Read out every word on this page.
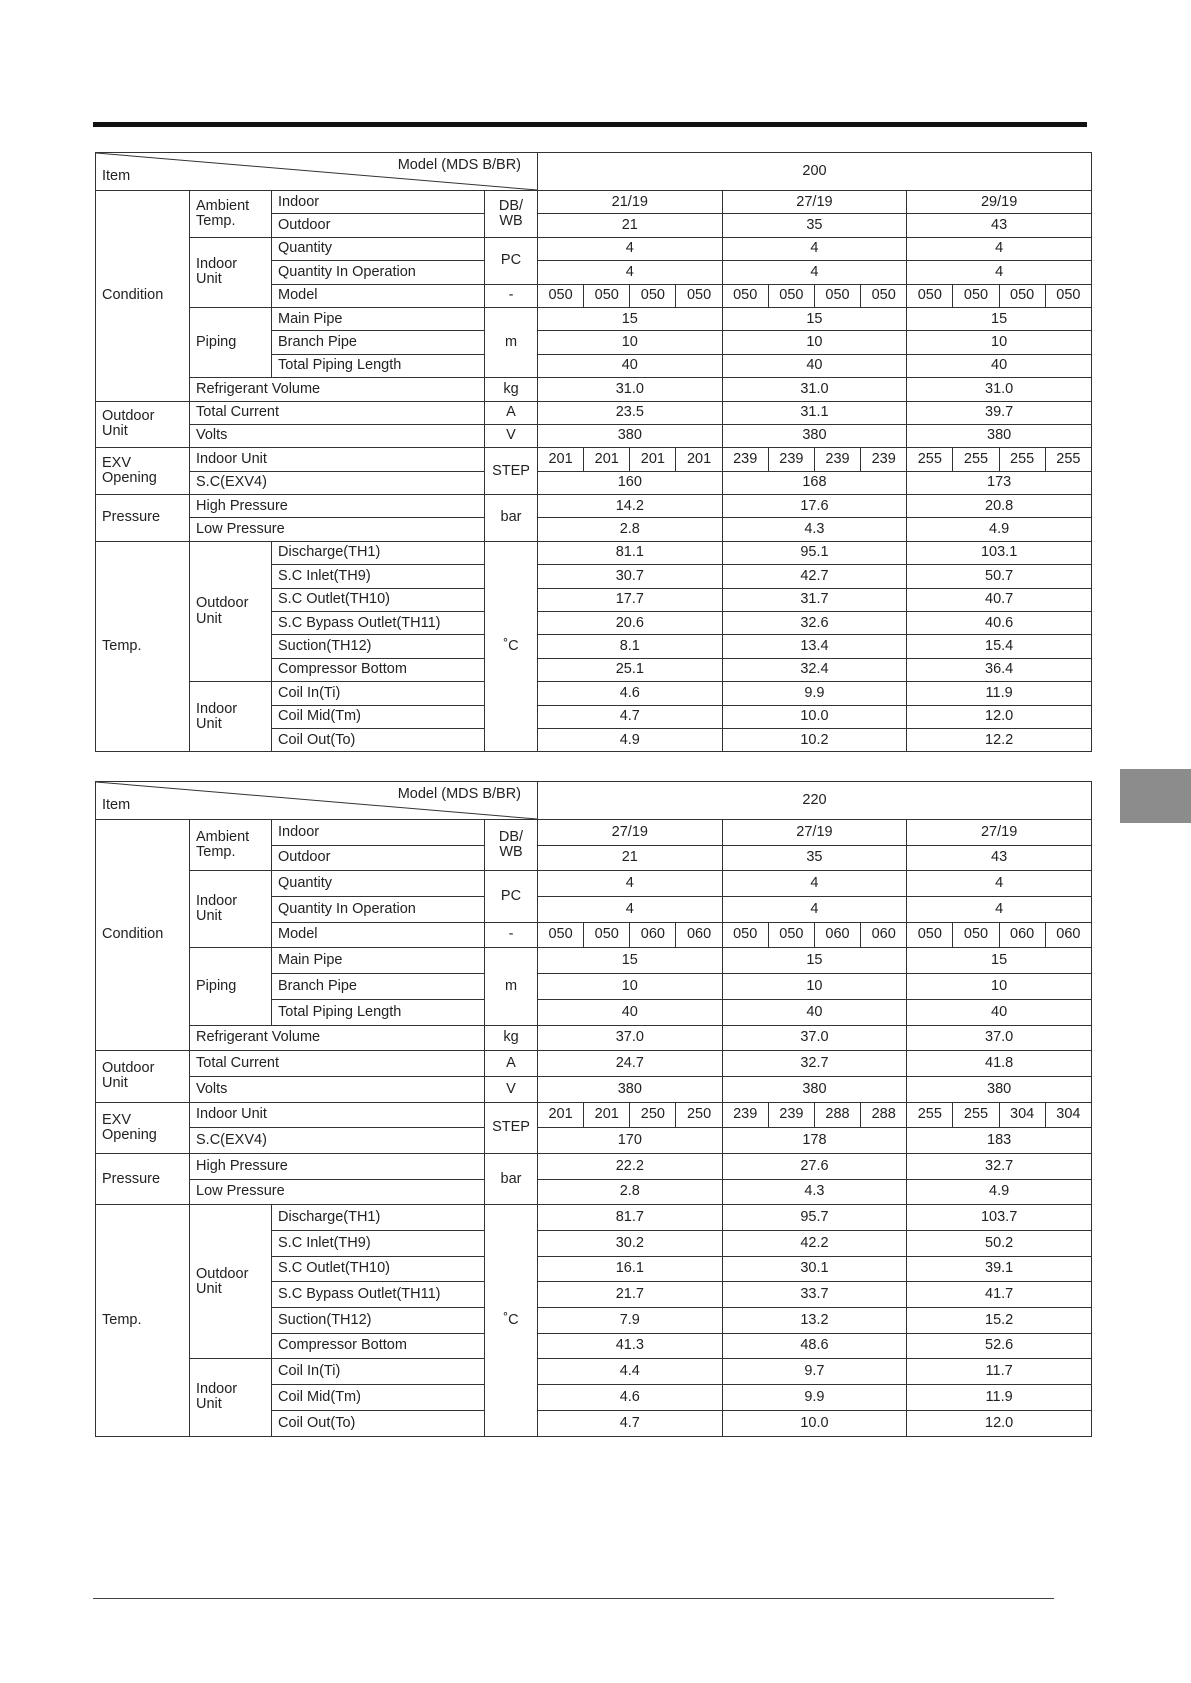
Model (MDS B/BR)
Item				200											
Condition	Ambient Temp.	Indoor	DB/ WB	21/19				27/19				29/19			
		Outdoor		21				35				43			
	Indoor Unit	Quantity	PC	4				4				4			
		Quantity In Operation		4				4				4			
		Model	-	050	050	050	050	050	050	050	050	050	050	050	050
	Piping	Main Pipe	m	15				15				15			
		Branch Pipe		10				10				10			
		Total Piping Length		40				40				40			
	Refrigerant Volume		kg	31.0				31.0				31.0			
Outdoor Unit	Total Current		A	23.5				31.1				39.7			
	Volts		V	380				380				380			
EXV Opening	Indoor Unit		STEP	201	201	201	201	239	239	239	239	255	255	255	255
	S.C(EXV4)			160				168				173			
Pressure	High Pressure		bar	14.2				17.6				20.8			
	Low Pressure			2.8				4.3				4.9			
Temp.	Outdoor Unit	Discharge(TH1)	˚C	81.1				95.1				103.1			
		S.C Inlet(TH9)		30.7				42.7				50.7			
		S.C Outlet(TH10)		17.7				31.7				40.7			
		S.C Bypass Outlet(TH11)		20.6				32.6				40.6			
		Suction(TH12)		8.1				13.4				15.4			
		Compressor Bottom		25.1				32.4				36.4			
	Indoor Unit	Coil In(Ti)		4.6				9.9				11.9			
		Coil Mid(Tm)		4.7				10.0				12.0			
		Coil Out(To)		4.9				10.2				12.2			
Model (MDS B/BR)
Item				220											
Condition	Ambient Temp.	Indoor	DB/ WB	27/19				27/19				27/19			
		Outdoor		21				35				43			
	Indoor Unit	Quantity	PC	4				4				4			
		Quantity In Operation		4				4				4			
		Model	-	050	050	060	060	050	050	060	060	050	050	060	060
	Piping	Main Pipe	m	15				15				15			
		Branch Pipe		10				10				10			
		Total Piping Length		40				40				40			
	Refrigerant Volume		kg	37.0				37.0				37.0			
Outdoor Unit	Total Current		A	24.7				32.7				41.8			
	Volts		V	380				380				380			
EXV Opening	Indoor Unit		STEP	201	201	250	250	239	239	288	288	255	255	304	304
	S.C(EXV4)			170				178				183			
Pressure	High Pressure		bar	22.2				27.6				32.7			
	Low Pressure			2.8				4.3				4.9			
Temp.	Outdoor Unit	Discharge(TH1)	˚C	81.7				95.7				103.7			
		S.C Inlet(TH9)		30.2				42.2				50.2			
		S.C Outlet(TH10)		16.1				30.1				39.1			
		S.C Bypass Outlet(TH11)		21.7				33.7				41.7			
		Suction(TH12)		7.9				13.2				15.2			
		Compressor Bottom		41.3				48.6				52.6			
	Indoor Unit	Coil In(Ti)		4.4				9.7				11.7			
		Coil Mid(Tm)		4.6				9.9				11.9			
		Coil Out(To)		4.7				10.0				12.0			
